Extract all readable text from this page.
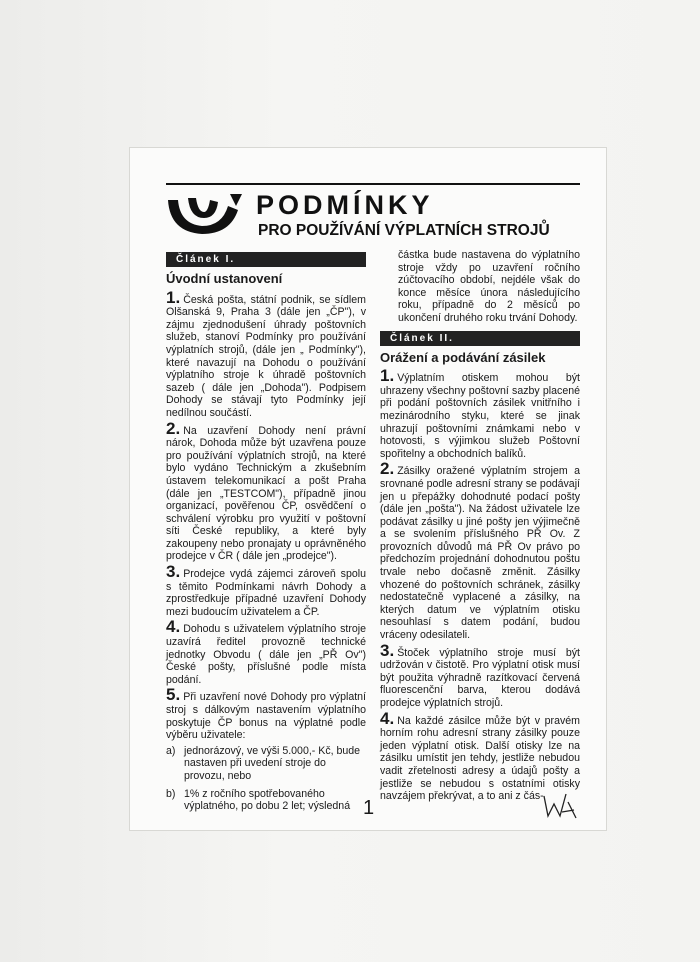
PODMÍNKY
PRO POUŽÍVÁNÍ VÝPLATNÍCH STROJŮ
Článek I.
Úvodní ustanovení

1. Česká pošta, státní podnik, se sídlem Olšanská 9, Praha 3 (dále jen „ČP"), v zájmu zjednodušení úhrady poštovních služeb, stanoví Podmínky pro používání výplatních strojů, (dále jen „ Podmínky"), které navazují na Dohodu o používání výplatního stroje k úhradě poštovních sazeb ( dále jen „Dohoda"). Podpisem Dohody se stávají tyto Podmínky její nedílnou součástí.

2. Na uzavření Dohody není právní nárok, Dohoda může být uzavřena pouze pro používání výplatních strojů, na které bylo vydáno Technickým a zkušebním ústavem telekomunikací a pošt Praha (dále jen „TESTCOM"), případně jinou organizací, pověřenou ČP, osvědčení o schválení výrobku pro využití v poštovní síti České republiky, a které byly zakoupeny nebo pronajaty u oprávněného prodejce v ČR ( dále jen „prodejce").

3. Prodejce vydá zájemci zároveň spolu s těmito Podmínkami návrh Dohody a zprostředkuje případné uzavření Dohody mezi budoucím uživatelem a ČP.

4. Dohodu s uživatelem výplatního stroje uzavírá ředitel provozně technické jednotky Obvodu ( dále jen „PŘ Ov") České pošty, příslušné podle místa podání.

5. Při uzavření nové Dohody pro výplatní stroj s dálkovým nastavením výplatního poskytuje ČP bonus na výplatné podle výběru uživatele:

a) jednorázový, ve výši 5.000,- Kč, bude nastaven při uvedení stroje do provozu, nebo
b) 1% z ročního spotřebovaného výplatného, po dobu 2 let; výsledná

částka bude nastavena do výplatního stroje vždy po uzavření ročního zúčtovacího období, nejdéle však do konce měsíce února následujícího roku, případně do 2 měsíců po ukončení druhého roku trvání Dohody.

Článek II.
Orážení a podávání zásilek

1. Výplatním otiskem mohou být uhrazeny všechny poštovní sazby placené při podání poštovních zásilek vnitřního i mezinárodního styku, které se jinak uhrazují poštovními známkami nebo v hotovosti, s výjimkou služeb Poštovní spořitelny a obchodních balíků.

2. Zásilky oražené výplatním strojem a srovnané podle adresní strany se podávají jen u přepážky dohodnuté podací pošty (dále jen „pošta"). Na žádost uživatele lze podávat zásilky u jiné pošty jen výjimečně a se svolením příslušného PŘ Ov. Z provozních důvodů má PŘ Ov právo po předchozím projednání dohodnutou poštu trvale nebo dočasně změnit. Zásilky vhozené do poštovních schránek, zásilky nedostatečně vyplacené a zásilky, na kterých datum ve výplatním otisku nesouhlasí s datem podání, budou vráceny odesilateli.

3. Štoček výplatního stroje musí být udržován v čistotě. Pro výplatní otisk musí být použita výhradně razítkovací červená fluorescenční barva, kterou dodává prodejce výplatních strojů.

4. Na každé zásilce může být v pravém horním rohu adresní strany zásilky pouze jeden výplatní otisk. Další otisky lze na zásilku umístit jen tehdy, jestliže nebudou vadit zřetelnosti adresy a údajů pošty a jestliže se nebudou s ostatními otisky navzájem překrývat, a to ani z čás-

1
